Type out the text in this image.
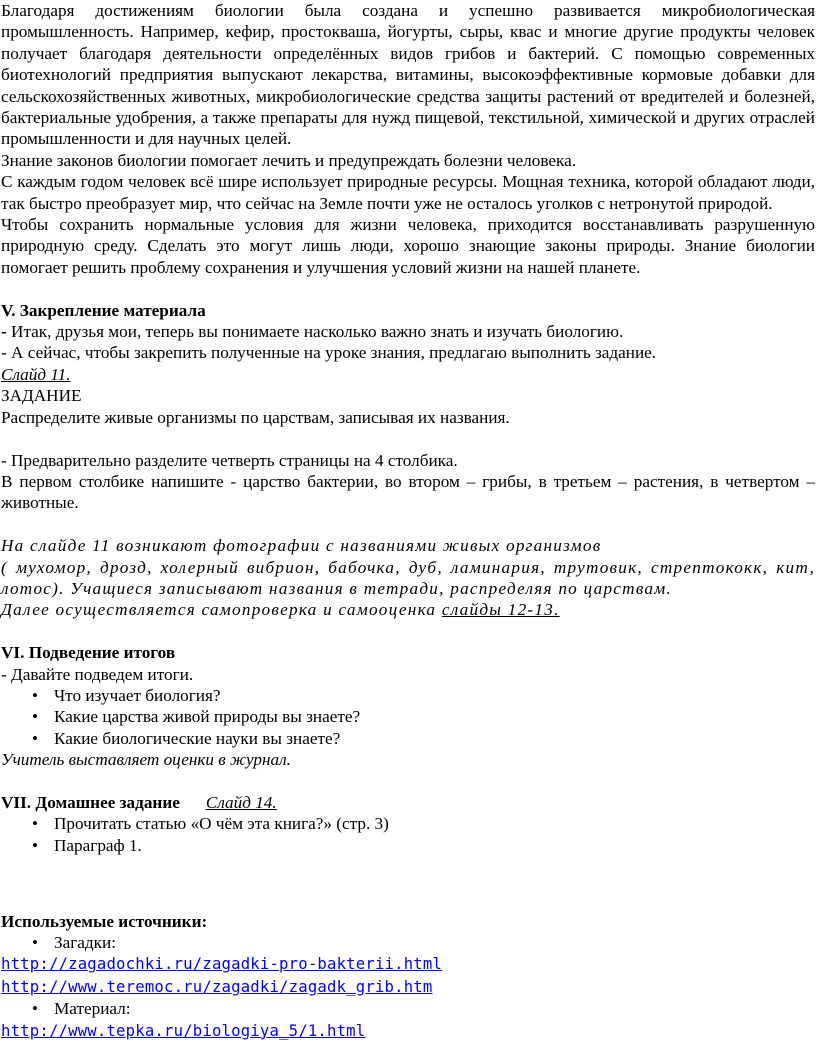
Благодаря достижениям биологии была создана и успешно развивается микробиологическая промышленность. Например, кефир, простокваша, йогурты, сыры, квас и многие другие продукты человек получает благодаря деятельности определённых видов грибов и бактерий. С помощью современных биотехнологий предприятия выпускают лекарства, витамины, высокоэффективные кормовые добавки для сельскохозяйственных животных, микробиологические средства защиты растений от вредителей и болезней, бактериальные удобрения, а также препараты для нужд пищевой, текстильной, химической и других отраслей промышленности и для научных целей.

Знание законов биологии помогает лечить и предупреждать болезни человека.

С каждым годом человек всё шире использует природные ресурсы. Мощная техника, которой обладают люди, так быстро преобразует мир, что сейчас на Земле почти уже не осталось уголков с нетронутой природой.

Чтобы сохранить нормальные условия для жизни человека, приходится восстанавливать разрушенную природную среду. Сделать это могут лишь люди, хорошо знающие законы природы. Знание биологии помогает решить проблему сохранения и улучшения условий жизни на нашей планете.

V. Закрепление материала

- Итак, друзья мои, теперь вы понимаете насколько важно знать и изучать биологию.

- А сейчас, чтобы закрепить полученные на уроке знания, предлагаю выполнить задание.

Слайд 11.

ЗАДАНИЕ

Распределите живые организмы по царствам, записывая их названия.

- Предварительно разделите четверть страницы на 4 столбика.

В первом столбике напишите - царство бактерии, во втором – грибы, в третьем – растения, в четвертом – животные.

На слайде 11 возникают фотографии с названиями живых организмов

( мухомор, дрозд, холерный вибрион, бабочка, дуб, ламинария, трутовик, стрептококк, кит, лотос). Учащиеся записывают названия в тетради, распределяя по царствам.

Далее осуществляется самопроверка и самооценка слайды 12-13.

VI. Подведение итогов

- Давайте подведем итоги.

• Что изучает биология?
• Какие царства живой природы вы знаете?
• Какие биологические науки вы знаете?

Учитель выставляет оценки в журнал.

VII. Домашнее задание Слайд 14.

• Прочитать статью «О чём эта книга?» (стр. 3)
• Параграф 1.

Используемые источники:

• Загадки:

http://zagadochki.ru/zagadki-pro-bakterii.html

http://www.teremoc.ru/zagadki/zagadk_grib.htm

• Материал:

http://www.tepka.ru/biologiya_5/1.html
